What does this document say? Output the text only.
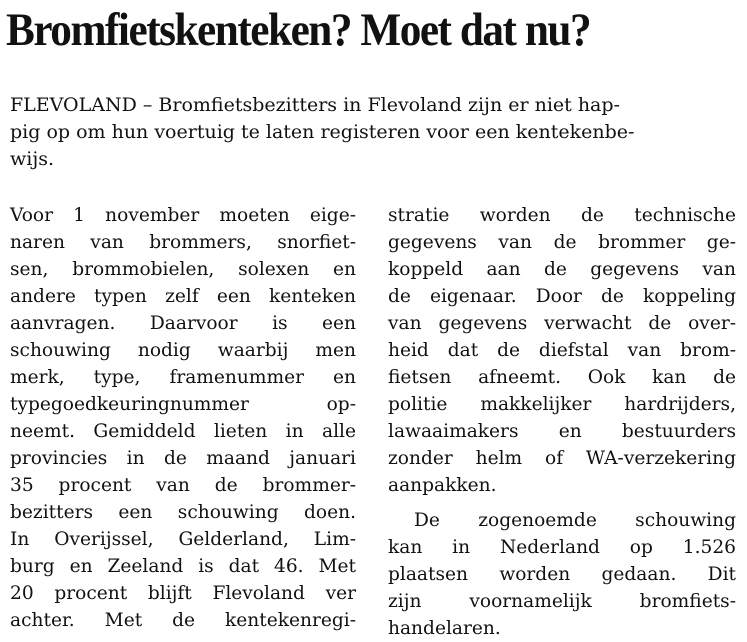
Bromfietskenteken? Moet dat nu?

FLEVOLAND – Bromfietsbezitters in Flevoland zijn er niet hap-
pig op om hun voertuig te laten registeren voor een kentekenbe-
wijs.

Voor 1 november moeten eige-
naren van brommers, snorfiet-
sen, brommobielen, solexen en
andere typen zelf een kenteken
aanvragen. Daarvoor is een
schouwing nodig waarbij men
merk, type, framenummer en
typegoedkeuringnummer op-
neemt. Gemiddeld lieten in alle
provincies in de maand januari
35 procent van de brommer-
bezitters een schouwing doen.
In Overijssel, Gelderland, Lim-
burg en Zeeland is dat 46. Met
20 procent blijft Flevoland ver
achter. Met de kentekenregi-
stratie worden de technische
gegevens van de brommer ge-
koppeld aan de gegevens van
de eigenaar. Door de koppeling
van gegevens verwacht de over-
heid dat de diefstal van brom-
fietsen afneemt. Ook kan de
politie makkelijker hardrijders,
lawaaimakers en bestuurders
zonder helm of WA-verzekering
aanpakken.
De zogenoemde schouwing
kan in Nederland op 1.526
plaatsen worden gedaan. Dit
zijn voornamelijk bromfiets-
handelaren.
